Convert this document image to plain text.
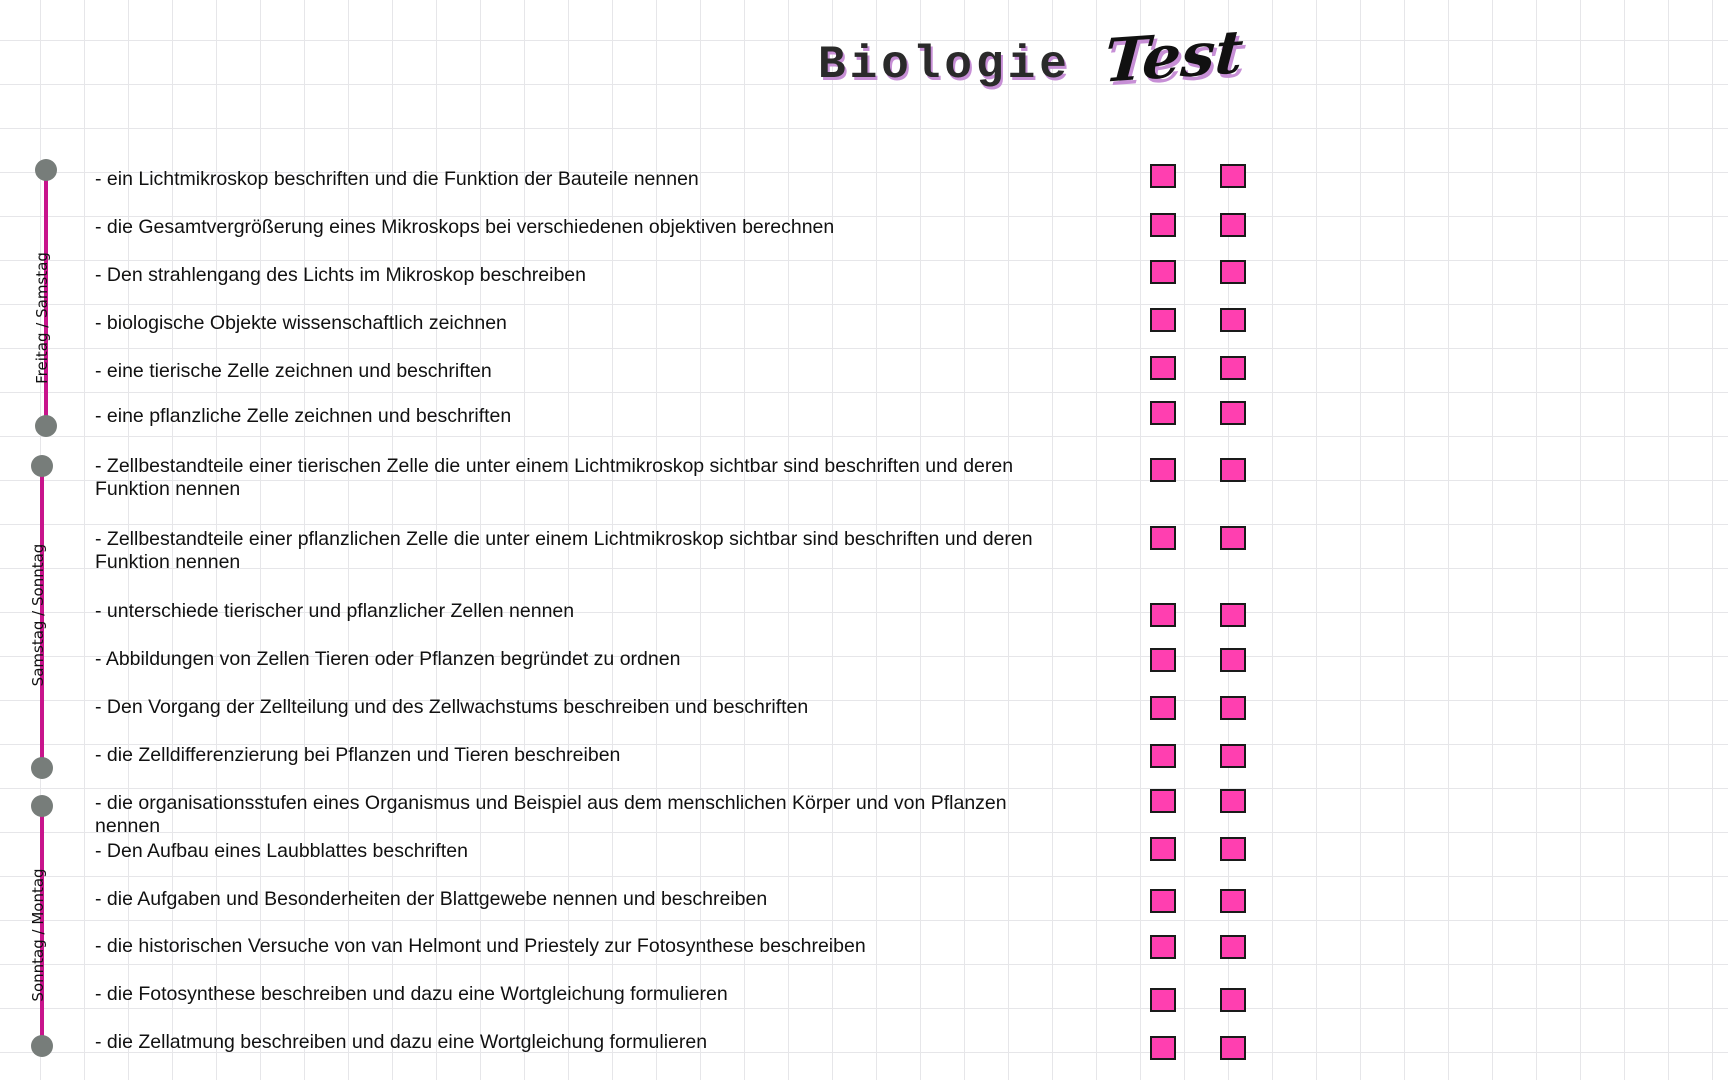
Biologie Test
Freitag / Samstag
Samstag / Sonntag
Sonntag / Montag
- ein Lichtmikroskop beschriften und die Funktion der Bauteile nennen
- die Gesamtvergrößerung eines Mikroskops bei verschiedenen objektiven berechnen
- Den strahlengang des Lichts im Mikroskop beschreiben
- biologische Objekte wissenschaftlich zeichnen
- eine tierische Zelle zeichnen und beschriften
- eine pflanzliche Zelle zeichnen und beschriften
- Zellbestandteile einer tierischen Zelle die unter einem Lichtmikroskop sichtbar sind beschriften und deren Funktion nennen
- Zellbestandteile einer pflanzlichen Zelle die unter einem Lichtmikroskop sichtbar sind beschriften und deren Funktion nennen
- unterschiede tierischer und pflanzlicher Zellen nennen
- Abbildungen von Zellen Tieren oder Pflanzen begründet zu ordnen
- Den Vorgang der Zellteilung und des Zellwachstums beschreiben und beschriften
- die Zelldifferenzierung bei Pflanzen und Tieren beschreiben
- die organisationsstufen eines Organismus und Beispiel aus dem menschlichen Körper und von Pflanzen nennen
- Den Aufbau eines Laubblattes beschriften
- die Aufgaben und Besonderheiten der Blattgewebe nennen und beschreiben
- die historischen Versuche von van Helmont und Priestely zur Fotosynthese beschreiben
- die Fotosynthese beschreiben und dazu eine Wortgleichung formulieren
- die Zellatmung beschreiben und dazu eine Wortgleichung formulieren
